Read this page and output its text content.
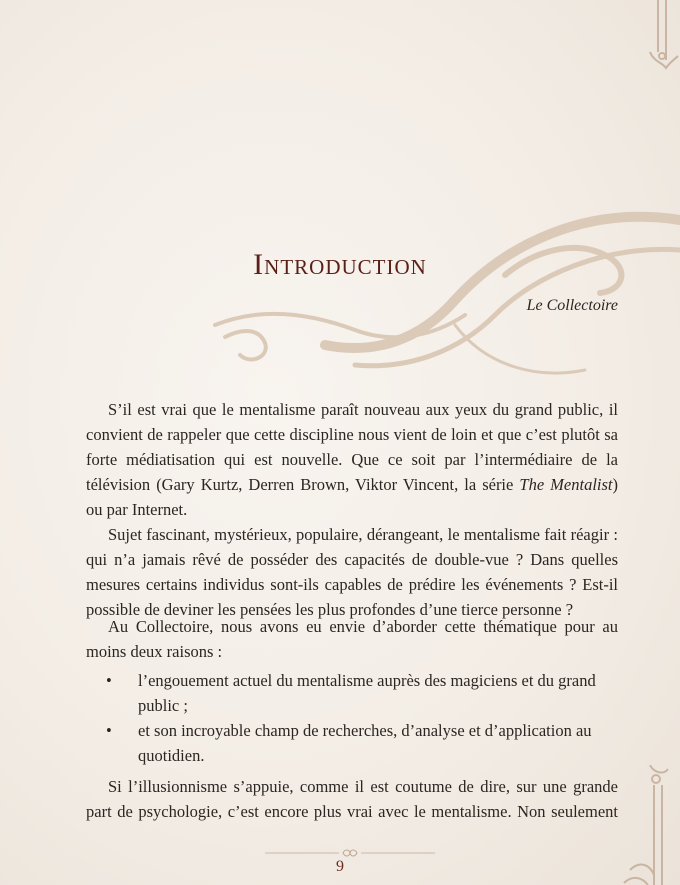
Introduction
Le Collectoire

S’il est vrai que le mentalisme paraît nouveau aux yeux du grand public, il convient de rappeler que cette discipline nous vient de loin et que c’est plutôt sa forte médiatisation qui est nouvelle. Que ce soit par l’intermédiaire de la télévision (Gary Kurtz, Derren Brown, Viktor Vincent, la série The Mentalist) ou par Internet.

Sujet fascinant, mystérieux, populaire, dérangeant, le mentalisme fait réagir : qui n’a jamais rêvé de posséder des capacités de double-vue ? Dans quelles mesures certains individus sont-ils capables de prédire les événements ? Est-il possible de deviner les pensées les plus profondes d’une tierce personne ?

Au Collectoire, nous avons eu envie d’aborder cette thématique pour au moins deux raisons :

• l’engouement actuel du mentalisme auprès des magiciens et du grand public ;
• et son incroyable champ de recherches, d’analyse et d’application au quotidien.

Si l’illusionnisme s’appuie, comme il est coutume de dire, sur une grande part de psychologie, c’est encore plus vrai avec le mentalisme. Non seulement

9
